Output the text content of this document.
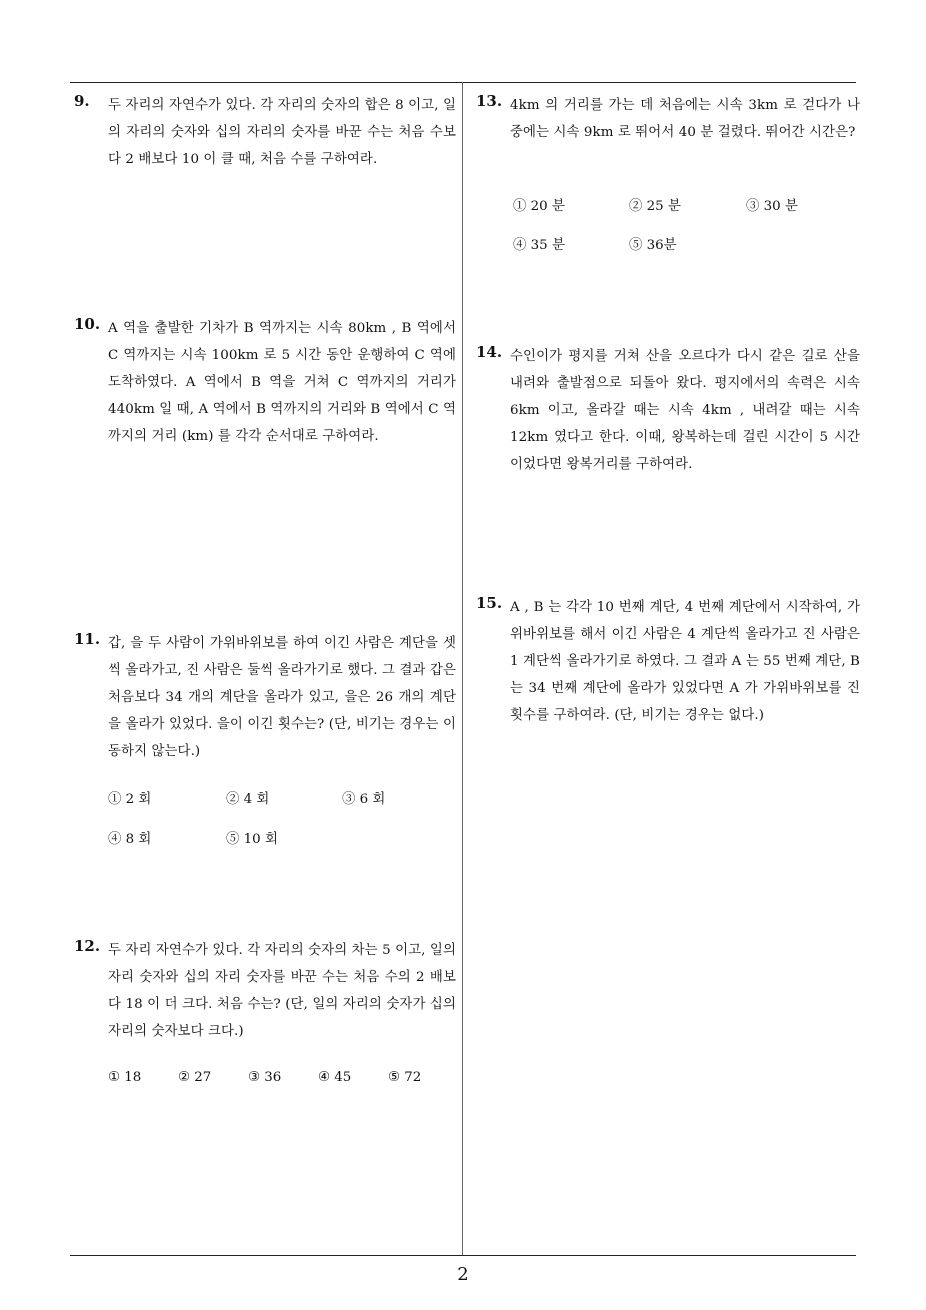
9. 두 자리의 자연수가 있다. 각 자리의 숫자의 합은 8 이고, 일의 자리의 숫자와 십의 자리의 숫자를 바꾼 수는 처음 수보다 2 배보다 10 이 클 때, 처음 수를 구하여라.
10. A 역을 출발한 기차가 B 역까지는 시속 80km , B 역에서 C 역까지는 시속 100km 로 5 시간 동안 운행하여 C 역에 도착하였다. A 역에서 B 역을 거쳐 C 역까지의 거리가 440km 일 때, A 역에서 B 역까지의 거리와 B 역에서 C 역까지의 거리 (km) 를 각각 순서대로 구하여라.
11. 갑, 을 두 사람이 가위바위보를 하여 이긴 사람은 계단을 셋씩 올라가고, 진 사람은 둘씩 올라가기로 했다. 그 결과 갑은 처음보다 34 개의 계단을 올라가 있고, 을은 26 개의 계단을 올라가 있었다. 을이 이긴 횟수는? (단, 비기는 경우는 이동하지 않는다.)
① 2 회	② 4 회	③ 6 회
④ 8 회	⑤ 10 회
12. 두 자리 자연수가 있다. 각 자리의 숫자의 차는 5 이고, 일의 자리 숫자와 십의 자리 숫자를 바꾼 수는 처음 수의 2 배보다 18 이 더 크다. 처음 수는? (단, 일의 자리의 숫자가 십의 자리의 숫자보다 크다.)
① 18	② 27	③ 36	④ 45	⑤ 72
13. 4km 의 거리를 가는 데 처음에는 시속 3km 로 걷다가 나중에는 시속 9km 로 뛰어서 40 분 걸렸다. 뛰어간 시간은?
① 20 분	② 25 분	③ 30 분
④ 35 분	⑤ 36분
14. 수인이가 평지를 거쳐 산을 오르다가 다시 같은 길로 산을 내려와 출발점으로 되돌아 왔다. 평지에서의 속력은 시속 6km 이고, 올라갈 때는 시속 4km , 내려갈 때는 시속 12km 였다고 한다. 이때, 왕복하는데 걸린 시간이 5 시간이었다면 왕복거리를 구하여라.
15. A , B 는 각각 10 번째 계단, 4 번째 계단에서 시작하여, 가위바위보를 해서 이긴 사람은 4 계단씩 올라가고 진 사람은 1 계단씩 올라가기로 하였다. 그 결과 A 는 55 번째 계단, B 는 34 번째 계단에 올라가 있었다면 A 가 가위바위보를 진 횟수를 구하여라. (단, 비기는 경우는 없다.)
2
